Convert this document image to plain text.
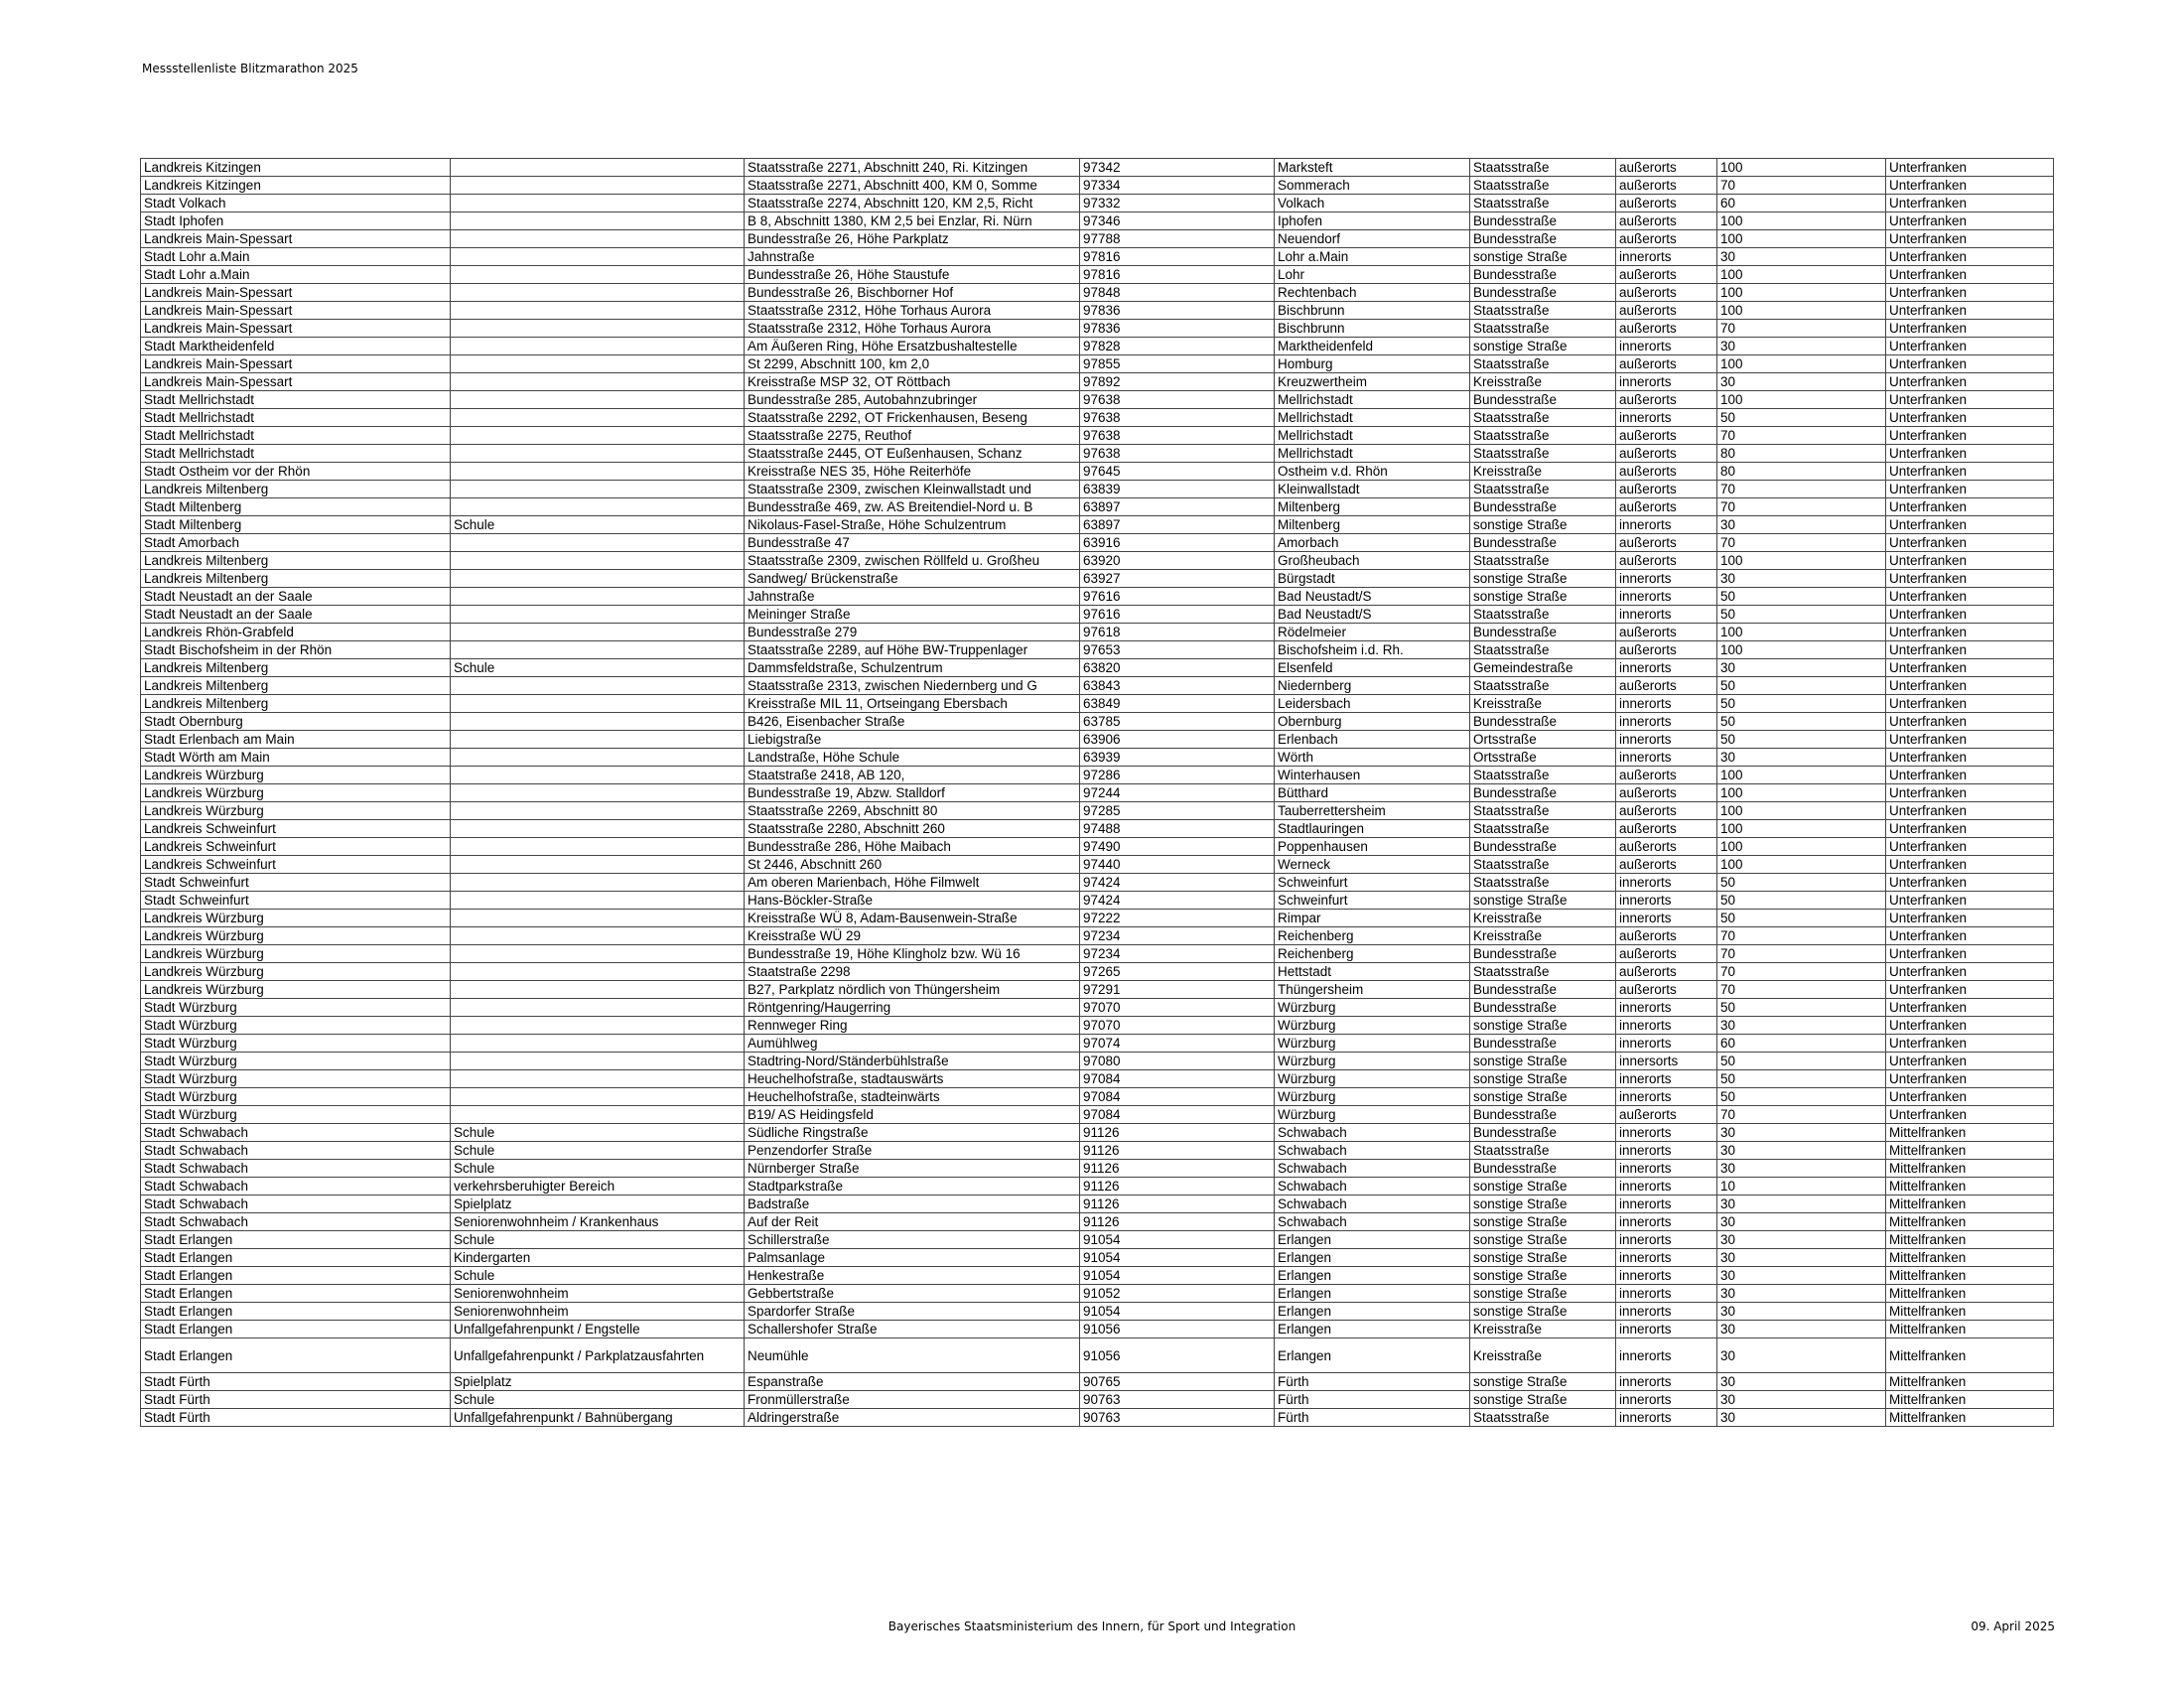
Messstellenliste Blitzmarathon 2025
Landkreis Kitzingen		Staatsstraße 2271, Abschnitt 240, Ri. Kitzingen	97342	Marksteft	Staatsstraße	außerorts	100	Unterfranken
Landkreis Kitzingen		Staatsstraße 2271, Abschnitt 400, KM 0, Somme	97334	Sommerach	Staatsstraße	außerorts	70	Unterfranken
Stadt Volkach		Staatsstraße 2274, Abschnitt 120, KM 2,5, Richt	97332	Volkach	Staatsstraße	außerorts	60	Unterfranken
Stadt Iphofen		B 8, Abschnitt 1380, KM 2,5 bei Enzlar, Ri. Nürn	97346	Iphofen	Bundesstraße	außerorts	100	Unterfranken
Landkreis Main-Spessart		Bundesstraße 26, Höhe Parkplatz	97788	Neuendorf	Bundesstraße	außerorts	100	Unterfranken
Stadt Lohr a.Main		Jahnstraße	97816	Lohr a.Main	sonstige Straße	innerorts	30	Unterfranken
Stadt Lohr a.Main		Bundesstraße 26, Höhe Staustufe	97816	Lohr	Bundesstraße	außerorts	100	Unterfranken
Landkreis Main-Spessart		Bundesstraße 26, Bischborner Hof	97848	Rechtenbach	Bundesstraße	außerorts	100	Unterfranken
Landkreis Main-Spessart		Staatsstraße 2312, Höhe Torhaus Aurora	97836	Bischbrunn	Staatsstraße	außerorts	100	Unterfranken
Landkreis Main-Spessart		Staatsstraße 2312, Höhe Torhaus Aurora	97836	Bischbrunn	Staatsstraße	außerorts	70	Unterfranken
Stadt Marktheidenfeld		Am Äußeren Ring, Höhe Ersatzbushaltestelle	97828	Marktheidenfeld	sonstige Straße	innerorts	30	Unterfranken
Landkreis Main-Spessart		St 2299, Abschnitt 100, km 2,0	97855	Homburg	Staatsstraße	außerorts	100	Unterfranken
Landkreis Main-Spessart		Kreisstraße MSP 32, OT Röttbach	97892	Kreuzwertheim	Kreisstraße	innerorts	30	Unterfranken
Stadt Mellrichstadt		Bundesstraße 285, Autobahnzubringer	97638	Mellrichstadt	Bundesstraße	außerorts	100	Unterfranken
Stadt Mellrichstadt		Staatsstraße 2292, OT Frickenhausen, Beseng	97638	Mellrichstadt	Staatsstraße	innerorts	50	Unterfranken
Stadt Mellrichstadt		Staatsstraße 2275, Reuthof	97638	Mellrichstadt	Staatsstraße	außerorts	70	Unterfranken
Stadt Mellrichstadt		Staatsstraße 2445, OT Eußenhausen, Schanz	97638	Mellrichstadt	Staatsstraße	außerorts	80	Unterfranken
Stadt Ostheim vor der Rhön		Kreisstraße NES 35, Höhe Reiterhöfe	97645	Ostheim v.d. Rhön	Kreisstraße	außerorts	80	Unterfranken
Landkreis Miltenberg		Staatsstraße 2309, zwischen Kleinwallstadt und	63839	Kleinwallstadt	Staatsstraße	außerorts	70	Unterfranken
Stadt Miltenberg		Bundesstraße 469, zw. AS Breitendiel-Nord u. B	63897	Miltenberg	Bundesstraße	außerorts	70	Unterfranken
Stadt Miltenberg	Schule	Nikolaus-Fasel-Straße, Höhe Schulzentrum	63897	Miltenberg	sonstige Straße	innerorts	30	Unterfranken
Stadt Amorbach		Bundesstraße 47	63916	Amorbach	Bundesstraße	außerorts	70	Unterfranken
Landkreis Miltenberg		Staatsstraße 2309, zwischen Röllfeld u. Großheu	63920	Großheubach	Staatsstraße	außerorts	100	Unterfranken
Landkreis Miltenberg		Sandweg/ Brückenstraße	63927	Bürgstadt	sonstige Straße	innerorts	30	Unterfranken
Stadt Neustadt an der Saale		Jahnstraße	97616	Bad Neustadt/S	sonstige Straße	innerorts	50	Unterfranken
Stadt Neustadt an der Saale		Meininger Straße	97616	Bad Neustadt/S	Staatsstraße	innerorts	50	Unterfranken
Landkreis Rhön-Grabfeld		Bundesstraße 279	97618	Rödelmeier	Bundesstraße	außerorts	100	Unterfranken
Stadt Bischofsheim in der Rhön		Staatsstraße 2289, auf Höhe BW-Truppenlager	97653	Bischofsheim i.d. Rh.	Staatsstraße	außerorts	100	Unterfranken
Landkreis Miltenberg	Schule	Dammsfeldstraße, Schulzentrum	63820	Elsenfeld	Gemeindestraße	innerorts	30	Unterfranken
Landkreis Miltenberg		Staatsstraße 2313, zwischen Niedernberg und G	63843	Niedernberg	Staatsstraße	außerorts	50	Unterfranken
Landkreis Miltenberg		Kreisstraße MIL 11, Ortseingang Ebersbach	63849	Leidersbach	Kreisstraße	innerorts	50	Unterfranken
Stadt Obernburg		B426, Eisenbacher Straße	63785	Obernburg	Bundesstraße	innerorts	50	Unterfranken
Stadt Erlenbach am Main		Liebigstraße	63906	Erlenbach	Ortsstraße	innerorts	50	Unterfranken
Stadt Wörth am Main		Landstraße, Höhe Schule	63939	Wörth	Ortsstraße	innerorts	30	Unterfranken
Landkreis Würzburg		Staatstraße 2418, AB 120,	97286	Winterhausen	Staatsstraße	außerorts	100	Unterfranken
Landkreis Würzburg		Bundesstraße 19, Abzw. Stalldorf	97244	Bütthard	Bundesstraße	außerorts	100	Unterfranken
Landkreis Würzburg		Staatsstraße 2269, Abschnitt 80	97285	Tauberrettersheim	Staatsstraße	außerorts	100	Unterfranken
Landkreis Schweinfurt		Staatsstraße 2280, Abschnitt 260	97488	Stadtlauringen	Staatsstraße	außerorts	100	Unterfranken
Landkreis Schweinfurt		Bundesstraße 286, Höhe Maibach	97490	Poppenhausen	Bundesstraße	außerorts	100	Unterfranken
Landkreis Schweinfurt		St 2446, Abschnitt 260	97440	Werneck	Staatsstraße	außerorts	100	Unterfranken
Stadt Schweinfurt		Am oberen Marienbach, Höhe Filmwelt	97424	Schweinfurt	Staatsstraße	innerorts	50	Unterfranken
Stadt Schweinfurt		Hans-Böckler-Straße	97424	Schweinfurt	sonstige Straße	innerorts	50	Unterfranken
Landkreis Würzburg		Kreisstraße WÜ 8, Adam-Bausenwein-Straße	97222	Rimpar	Kreisstraße	innerorts	50	Unterfranken
Landkreis Würzburg		Kreisstraße WÜ 29	97234	Reichenberg	Kreisstraße	außerorts	70	Unterfranken
Landkreis Würzburg		Bundesstraße 19, Höhe Klingholz bzw. Wü 16	97234	Reichenberg	Bundesstraße	außerorts	70	Unterfranken
Landkreis Würzburg		Staatstraße 2298	97265	Hettstadt	Staatsstraße	außerorts	70	Unterfranken
Landkreis Würzburg		B27, Parkplatz nördlich von Thüngersheim	97291	Thüngersheim	Bundesstraße	außerorts	70	Unterfranken
Stadt Würzburg		Röntgenring/Haugerring	97070	Würzburg	Bundesstraße	innerorts	50	Unterfranken
Stadt Würzburg		Rennweger Ring	97070	Würzburg	sonstige Straße	innerorts	30	Unterfranken
Stadt Würzburg		Aumühlweg	97074	Würzburg	Bundesstraße	innerorts	60	Unterfranken
Stadt Würzburg		Stadtring-Nord/Ständerbühlstraße	97080	Würzburg	sonstige Straße	innersorts	50	Unterfranken
Stadt Würzburg		Heuchelhofstraße, stadtauswärts	97084	Würzburg	sonstige Straße	innerorts	50	Unterfranken
Stadt Würzburg		Heuchelhofstraße, stadteinwärts	97084	Würzburg	sonstige Straße	innerorts	50	Unterfranken
Stadt Würzburg		B19/ AS Heidingsfeld	97084	Würzburg	Bundesstraße	außerorts	70	Unterfranken
Stadt Schwabach	Schule	Südliche Ringstraße	91126	Schwabach	Bundesstraße	innerorts	30	Mittelfranken
Stadt Schwabach	Schule	Penzendorfer Straße	91126	Schwabach	Staatsstraße	innerorts	30	Mittelfranken
Stadt Schwabach	Schule	Nürnberger Straße	91126	Schwabach	Bundesstraße	innerorts	30	Mittelfranken
Stadt Schwabach	verkehrsberuhigter Bereich	Stadtparkstraße	91126	Schwabach	sonstige Straße	innerorts	10	Mittelfranken
Stadt Schwabach	Spielplatz	Badstraße	91126	Schwabach	sonstige Straße	innerorts	30	Mittelfranken
Stadt Schwabach	Seniorenwohnheim / Krankenhaus	Auf der Reit	91126	Schwabach	sonstige Straße	innerorts	30	Mittelfranken
Stadt Erlangen	Schule	Schillerstraße	91054	Erlangen	sonstige Straße	innerorts	30	Mittelfranken
Stadt Erlangen	Kindergarten	Palmsanlage	91054	Erlangen	sonstige Straße	innerorts	30	Mittelfranken
Stadt Erlangen	Schule	Henkestraße	91054	Erlangen	sonstige Straße	innerorts	30	Mittelfranken
Stadt Erlangen	Seniorenwohnheim	Gebbertstraße	91052	Erlangen	sonstige Straße	innerorts	30	Mittelfranken
Stadt Erlangen	Seniorenwohnheim	Spardorfer Straße	91054	Erlangen	sonstige Straße	innerorts	30	Mittelfranken
Stadt Erlangen	Unfallgefahrenpunkt / Engstelle	Schallershofer Straße	91056	Erlangen	Kreisstraße	innerorts	30	Mittelfranken
Stadt Erlangen	Unfallgefahrenpunkt / Parkplatzausfahrten	Neumühle	91056	Erlangen	Kreisstraße	innerorts	30	Mittelfranken
Stadt Fürth	Spielplatz	Espanstraße	90765	Fürth	sonstige Straße	innerorts	30	Mittelfranken
Stadt Fürth	Schule	Fronmüllerstraße	90763	Fürth	sonstige Straße	innerorts	30	Mittelfranken
Stadt Fürth	Unfallgefahrenpunkt / Bahnübergang	Aldringerstraße	90763	Fürth	Staatsstraße	innerorts	30	Mittelfranken
Bayerisches Staatsministerium des Innern, für Sport und Integration	09. April 2025
